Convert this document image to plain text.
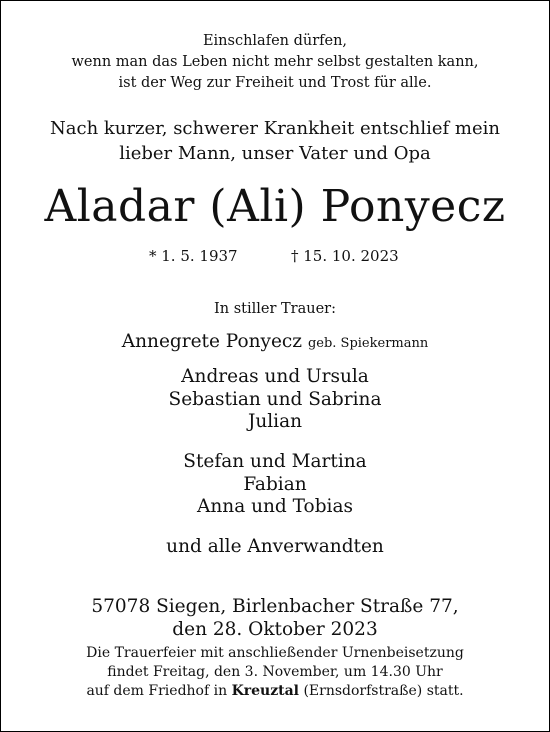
Einschlafen dürfen,
wenn man das Leben nicht mehr selbst gestalten kann,
ist der Weg zur Freiheit und Trost für alle.
Nach kurzer, schwerer Krankheit entschlief mein
lieber Mann, unser Vater und Opa
Aladar (Ali) Ponyecz
* 1. 5. 1937	† 15. 10. 2023
In stiller Trauer:
Annegrete Ponyecz geb. Spiekermann
Andreas und Ursula
Sebastian und Sabrina
Julian
Stefan und Martina
Fabian
Anna und Tobias
und alle Anverwandten
57078 Siegen, Birlenbacher Straße 77,
den 28. Oktober 2023
Die Trauerfeier mit anschließender Urnenbeisetzung
findet Freitag, den 3. November, um 14.30 Uhr
auf dem Friedhof in Kreuztal (Ernsdorfstraße) statt.
